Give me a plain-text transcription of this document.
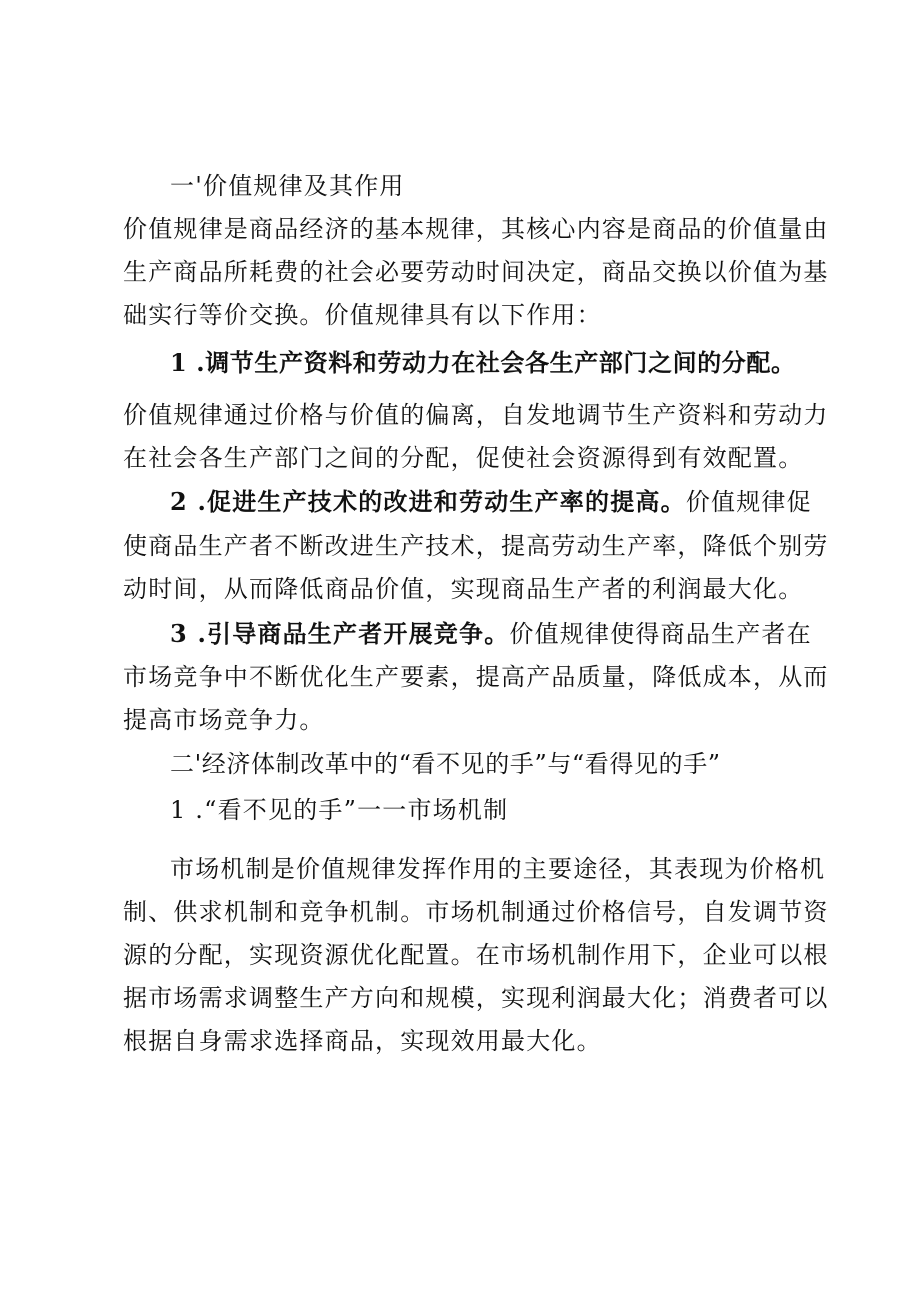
一'价值规律及其作用
价值规律是商品经济的基本规律，其核心内容是商品的价值量由
生产商品所耗费的社会必要劳动时间决定，商品交换以价值为基
础实行等价交换。价值规律具有以下作用：
1 .调节生产资料和劳动力在社会各生产部门之间的分配。
价值规律通过价格与价值的偏离，自发地调节生产资料和劳动力
在社会各生产部门之间的分配，促使社会资源得到有效配置。
2 .促进生产技术的改进和劳动生产率的提高。价值规律促
使商品生产者不断改进生产技术，提高劳动生产率，降低个别劳
动时间，从而降低商品价值，实现商品生产者的利润最大化。
3 .引导商品生产者开展竞争。价值规律使得商品生产者在
市场竞争中不断优化生产要素，提高产品质量，降低成本，从而
提高市场竞争力。
二'经济体制改革中的“看不见的手”与“看得见的手”
1 .“看不见的手”一一市场机制
市场机制是价值规律发挥作用的主要途径，其表现为价格机
制、供求机制和竞争机制。市场机制通过价格信号，自发调节资
源的分配，实现资源优化配置。在市场机制作用下，企业可以根
据市场需求调整生产方向和规模，实现利润最大化；消费者可以
根据自身需求选择商品，实现效用最大化。
